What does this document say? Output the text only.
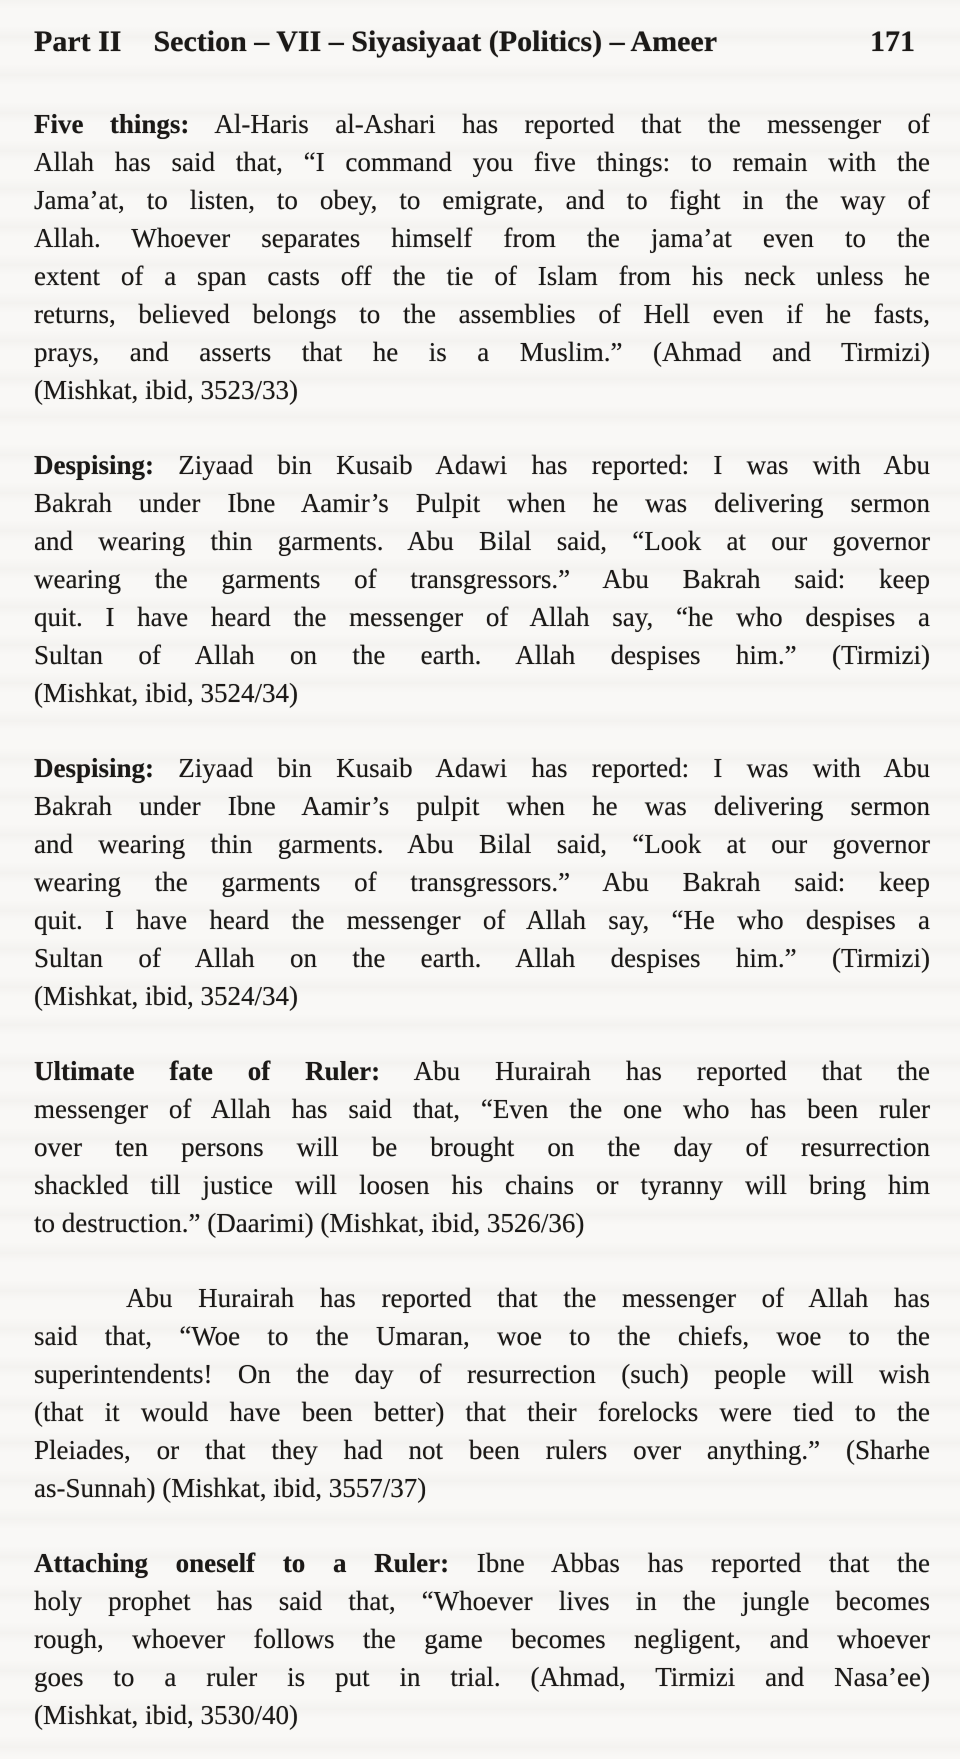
Part II Section – VII – Siyasiyaat (Politics) – Ameer	171
Five things: Al-Haris al-Ashari has reported that the messenger of
Allah has said that, “I command you five things: to remain with the
Jama’at, to listen, to obey, to emigrate, and to fight in the way of
Allah. Whoever separates himself from the jama’at even to the
extent of a span casts off the tie of Islam from his neck unless he
returns, believed belongs to the assemblies of Hell even if he fasts,
prays, and asserts that he is a Muslim.” (Ahmad and Tirmizi)
(Mishkat, ibid, 3523/33)
Despising: Ziyaad bin Kusaib Adawi has reported: I was with Abu
Bakrah under Ibne Aamir’s Pulpit when he was delivering sermon
and wearing thin garments. Abu Bilal said, “Look at our governor
wearing the garments of transgressors.” Abu Bakrah said: keep
quit. I have heard the messenger of Allah say, “he who despises a
Sultan of Allah on the earth. Allah despises him.” (Tirmizi)
(Mishkat, ibid, 3524/34)
Despising: Ziyaad bin Kusaib Adawi has reported: I was with Abu
Bakrah under Ibne Aamir’s pulpit when he was delivering sermon
and wearing thin garments. Abu Bilal said, “Look at our governor
wearing the garments of transgressors.” Abu Bakrah said: keep
quit. I have heard the messenger of Allah say, “He who despises a
Sultan of Allah on the earth. Allah despises him.” (Tirmizi)
(Mishkat, ibid, 3524/34)
Ultimate fate of Ruler: Abu Hurairah has reported that the
messenger of Allah has said that, “Even the one who has been ruler
over ten persons will be brought on the day of resurrection
shackled till justice will loosen his chains or tyranny will bring him
to destruction.” (Daarimi) (Mishkat, ibid, 3526/36)
Abu Hurairah has reported that the messenger of Allah has
said that, “Woe to the Umaran, woe to the chiefs, woe to the
superintendents! On the day of resurrection (such) people will wish
(that it would have been better) that their forelocks were tied to the
Pleiades, or that they had not been rulers over anything.” (Sharhe
as-Sunnah) (Mishkat, ibid, 3557/37)
Attaching oneself to a Ruler: Ibne Abbas has reported that the
holy prophet has said that, “Whoever lives in the jungle becomes
rough, whoever follows the game becomes negligent, and whoever
goes to a ruler is put in trial. (Ahmad, Tirmizi and Nasa’ee)
(Mishkat, ibid, 3530/40)
